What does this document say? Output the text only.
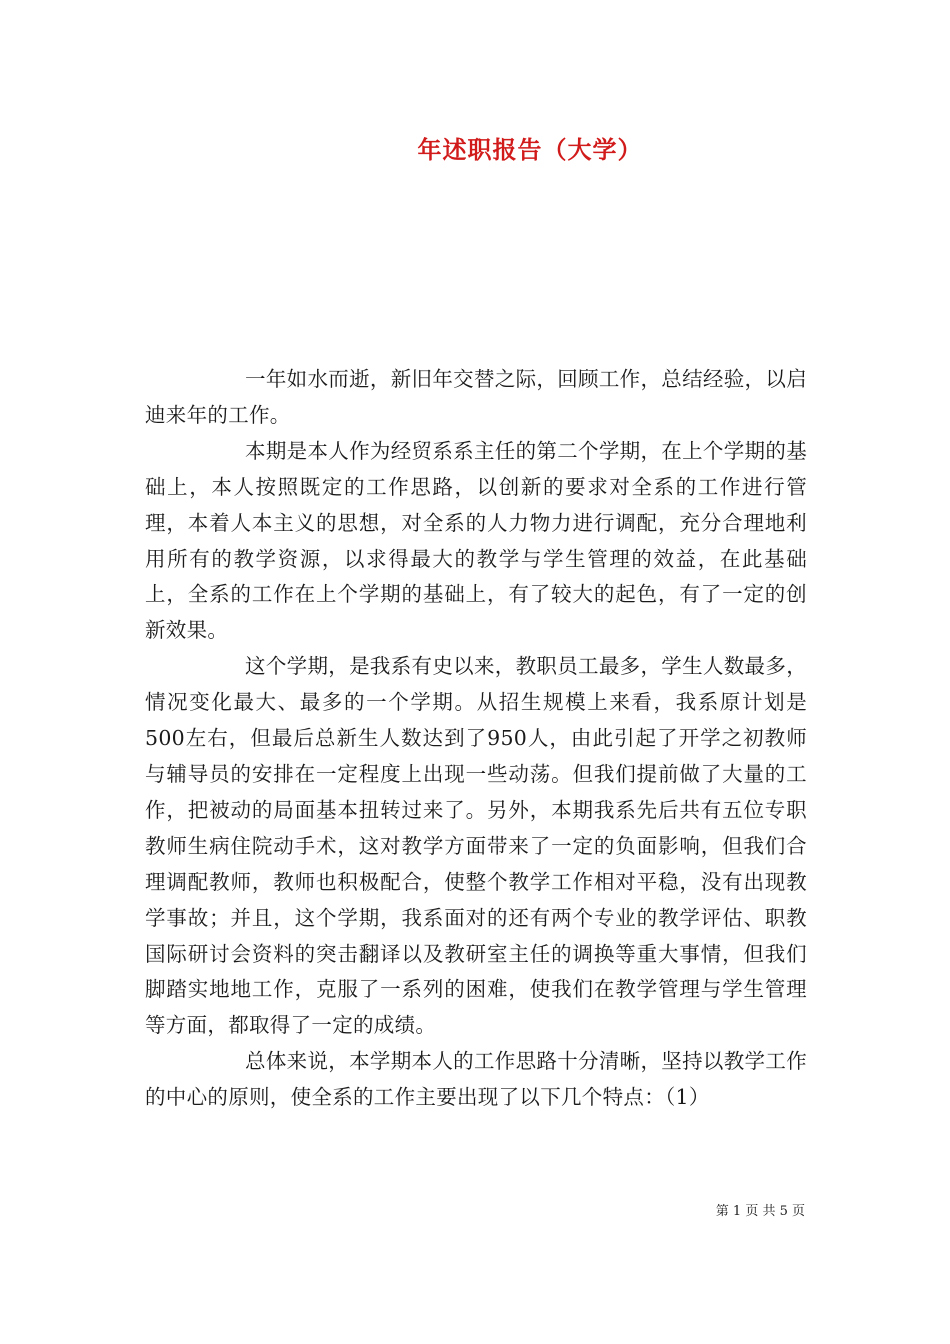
年述职报告（大学）

一年如水而逝，新旧年交替之际，回顾工作，总结经验，以启迪来年的工作。

本期是本人作为经贸系系主任的第二个学期，在上个学期的基础上，本人按照既定的工作思路，以创新的要求对全系的工作进行管理，本着人本主义的思想，对全系的人力物力进行调配，充分合理地利用所有的教学资源，以求得最大的教学与学生管理的效益，在此基础上，全系的工作在上个学期的基础上，有了较大的起色，有了一定的创新效果。

这个学期，是我系有史以来，教职员工最多，学生人数最多，情况变化最大、最多的一个学期。从招生规模上来看，我系原计划是500左右，但最后总新生人数达到了950人，由此引起了开学之初教师与辅导员的安排在一定程度上出现一些动荡。但我们提前做了大量的工作，把被动的局面基本扭转过来了。另外，本期我系先后共有五位专职教师生病住院动手术，这对教学方面带来了一定的负面影响，但我们合理调配教师，教师也积极配合，使整个教学工作相对平稳，没有出现教学事故；并且，这个学期，我系面对的还有两个专业的教学评估、职教国际研讨会资料的突击翻译以及教研室主任的调换等重大事情，但我们脚踏实地地工作，克服了一系列的困难，使我们在教学管理与学生管理等方面，都取得了一定的成绩。

总体来说，本学期本人的工作思路十分清晰，坚持以教学工作的中心的原则，使全系的工作主要出现了以下几个特点：（1）

第 1 页 共 5 页
